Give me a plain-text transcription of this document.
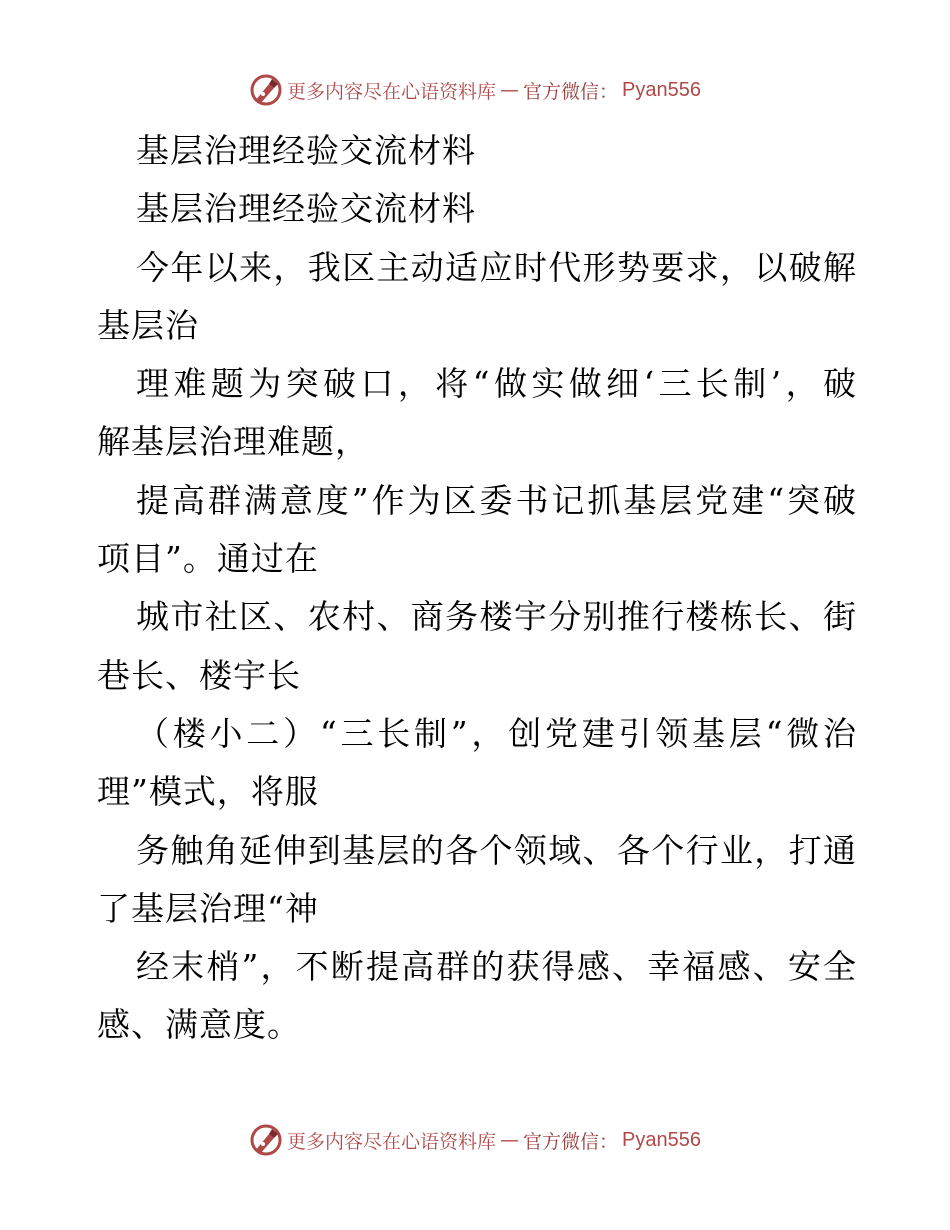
更多内容尽在心语资料库 — 官方微信： Pyan556
基层治理经验交流材料
基层治理经验交流材料
今年以来，我区主动适应时代形势要求，以破解
基层治
理难题为突破口，将“做实做细‘三长制’，破
解基层治理难题，
提高群满意度”作为区委书记抓基层党建“突破
项目”。通过在
城市社区、农村、商务楼宇分别推行楼栋长、街
巷长、楼宇长
（楼小二）“三长制”，创党建引领基层“微治
理”模式，将服
务触角延伸到基层的各个领域、各个行业，打通
了基层治理“神
经末梢”，不断提高群的获得感、幸福感、安全
感、满意度。
更多内容尽在心语资料库 — 官方微信： Pyan556
